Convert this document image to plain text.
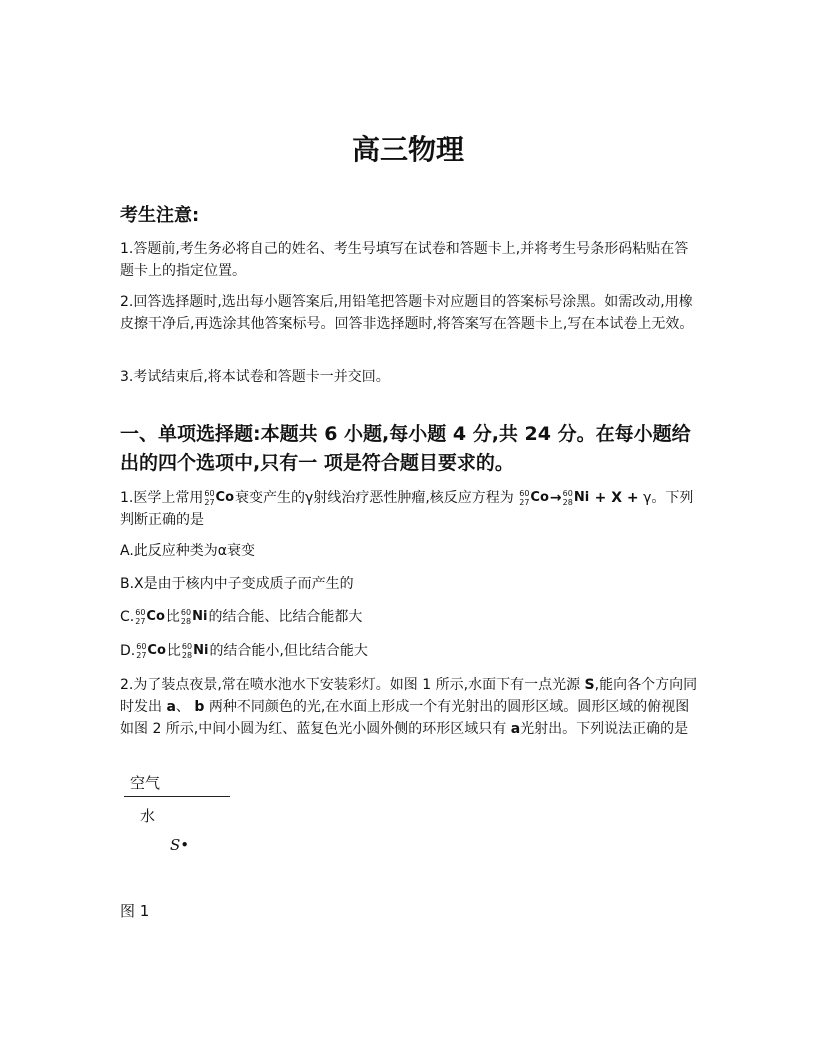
高三物理
考生注意:
1.答题前,考生务必将自己的姓名、考生号填写在试卷和答题卡上,并将考生号条形码粘贴在答题卡上的指定位置。
2.回答选择题时,选出每小题答案后,用铅笔把答题卡对应题目的答案标号涂黑。如需改动,用橡皮擦干净后,再选涂其他答案标号。回答非选择题时,将答案写在答题卡上,写在本试卷上无效。
3.考试结束后,将本试卷和答题卡一并交回。
一、单项选择题:本题共 6 小题,每小题 4 分,共 24 分。在每小题给出的四个选项中,只有一 项是符合题目要求的。
1.医学上常用 60
27 Co 衰变产生的γ射线治疗恶性肿瘤,核反应方程为 60
27 Co → 60
28 Ni + X + γ。下列判断正确的是
A.此反应种类为α衰变
B.X是由于核内中子变成质子而产生的
C. 60
27 Co 比 60
28 Ni 的结合能、比结合能都大
D. 60
27 Co 比 60
28 Ni 的结合能小,但比结合能大
2.为了装点夜景,常在喷水池水下安装彩灯。如图 1 所示,水面下有一点光源 S,能向各个方向同时发出 a、 b 两种不同颜色的光,在水面上形成一个有光射出的圆形区域。圆形区域的俯视图如图 2 所示,中间小圆为红、蓝复色光小圆外侧的环形区域只有 a光射出。下列说法正确的是
空气
水
S•
图 1
